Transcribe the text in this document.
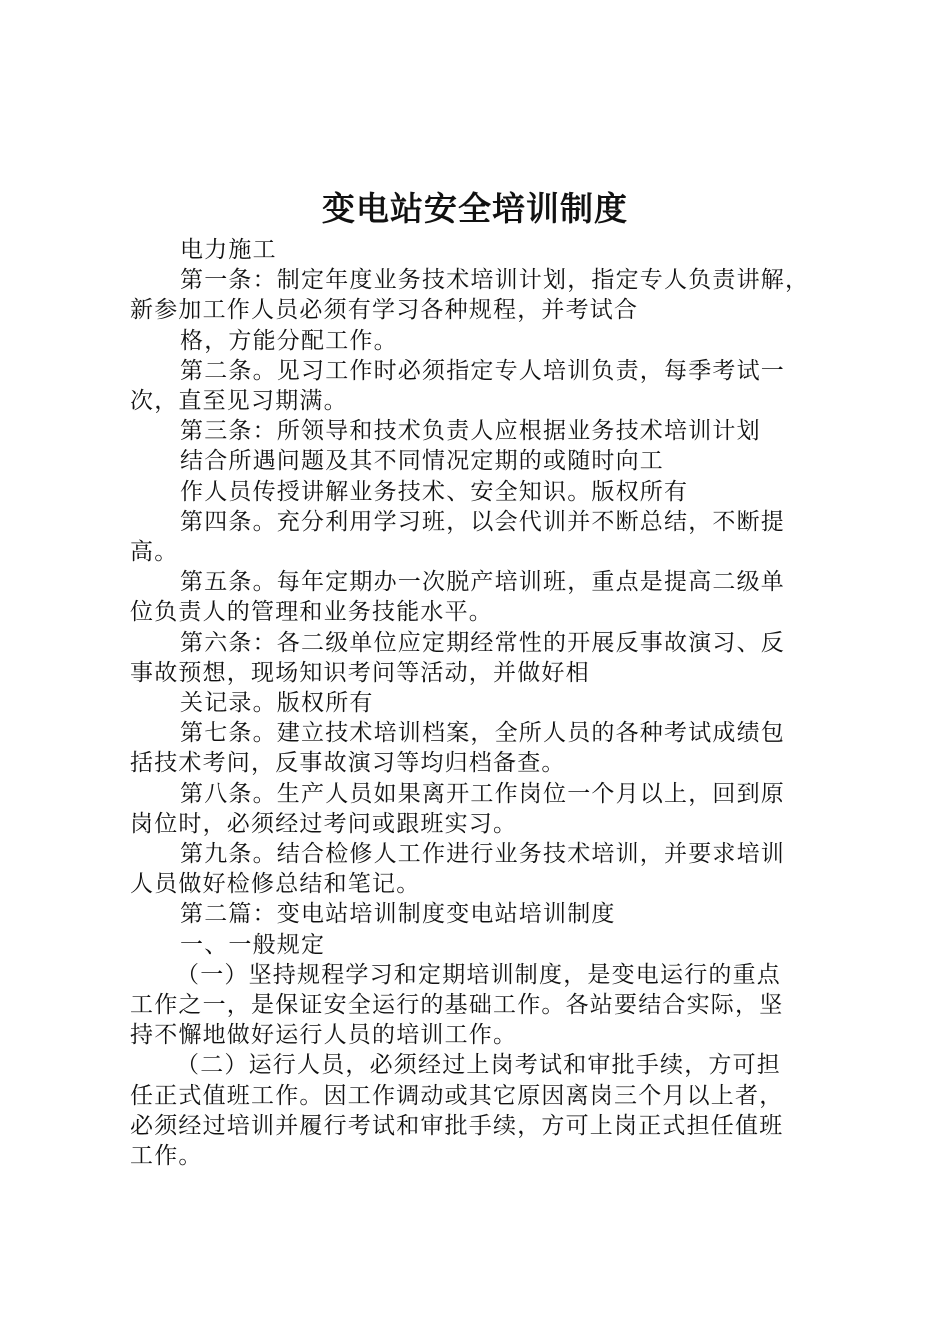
变电站安全培训制度
电力施工
第一条：制定年度业务技术培训计划，指定专人负责讲解，
新参加工作人员必须有学习各种规程，并考试合
格，方能分配工作。
第二条。见习工作时必须指定专人培训负责，每季考试一
次，直至见习期满。
第三条：所领导和技术负责人应根据业务技术培训计划
结合所遇问题及其不同情况定期的或随时向工
作人员传授讲解业务技术、安全知识。版权所有
第四条。充分利用学习班，以会代训并不断总结，不断提
高。
第五条。每年定期办一次脱产培训班，重点是提高二级单
位负责人的管理和业务技能水平。
第六条：各二级单位应定期经常性的开展反事故演习、反
事故预想，现场知识考问等活动，并做好相
关记录。版权所有
第七条。建立技术培训档案，全所人员的各种考试成绩包
括技术考问，反事故演习等均归档备查。
第八条。生产人员如果离开工作岗位一个月以上，回到原
岗位时，必须经过考问或跟班实习。
第九条。结合检修人工作进行业务技术培训，并要求培训
人员做好检修总结和笔记。
第二篇：变电站培训制度变电站培训制度
一、一般规定
（一）坚持规程学习和定期培训制度，是变电运行的重点
工作之一，是保证安全运行的基础工作。各站要结合实际，坚
持不懈地做好运行人员的培训工作。
（二）运行人员，必须经过上岗考试和审批手续，方可担
任正式值班工作。因工作调动或其它原因离岗三个月以上者，
必须经过培训并履行考试和审批手续，方可上岗正式担任值班
工作。
